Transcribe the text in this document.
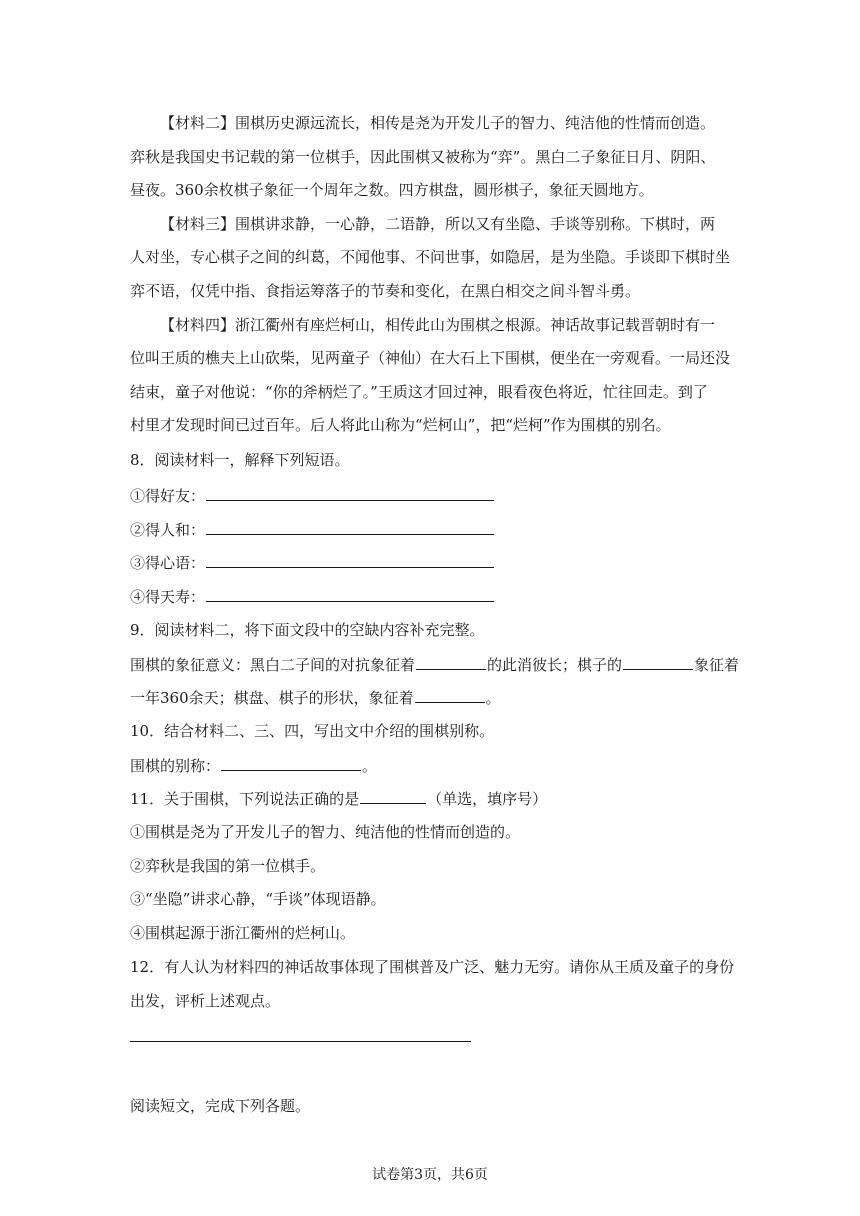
【材料二】围棋历史源远流长，相传是尧为开发儿子的智力、纯洁他的性情而创造。
弈秋是我国史书记载的第一位棋手，因此围棋又被称为“弈”。黑白二子象征日月、阴阳、
昼夜。360余枚棋子象征一个周年之数。四方棋盘，圆形棋子，象征天圆地方。
【材料三】围棋讲求静，一心静，二语静，所以又有坐隐、手谈等别称。下棋时，两
人对坐，专心棋子之间的纠葛，不闻他事、不问世事，如隐居，是为坐隐。手谈即下棋时坐
弈不语，仅凭中指、食指运筹落子的节奏和变化，在黑白相交之间斗智斗勇。
【材料四】浙江衢州有座烂柯山，相传此山为围棋之根源。神话故事记载晋朝时有一
位叫王质的樵夫上山砍柴，见两童子（神仙）在大石上下围棋，便坐在一旁观看。一局还没
结束，童子对他说：“你的斧柄烂了。”王质这才回过神，眼看夜色将近，忙往回走。到了
村里才发现时间已过百年。后人将此山称为“烂柯山”，把“烂柯”作为围棋的别名。
8．阅读材料一，解释下列短语。
①得好友：
②得人和：
③得心语：
④得天寿：
9．阅读材料二，将下面文段中的空缺内容补充完整。
围棋的象征意义：黑白二子间的对抗象征着	的此消彼长；棋子的	象征着
一年360余天；棋盘、棋子的形状，象征着	。
10．结合材料二、三、四，写出文中介绍的围棋别称。
围棋的别称：	。
11．关于围棋，下列说法正确的是	（单选，填序号）
①围棋是尧为了开发儿子的智力、纯洁他的性情而创造的。
②弈秋是我国的第一位棋手。
③“坐隐”讲求心静，“手谈”体现语静。
④围棋起源于浙江衢州的烂柯山。
12．有人认为材料四的神话故事体现了围棋普及广泛、魅力无穷。请你从王质及童子的身份
出发，评析上述观点。
阅读短文，完成下列各题。
试卷第3页，共6页
